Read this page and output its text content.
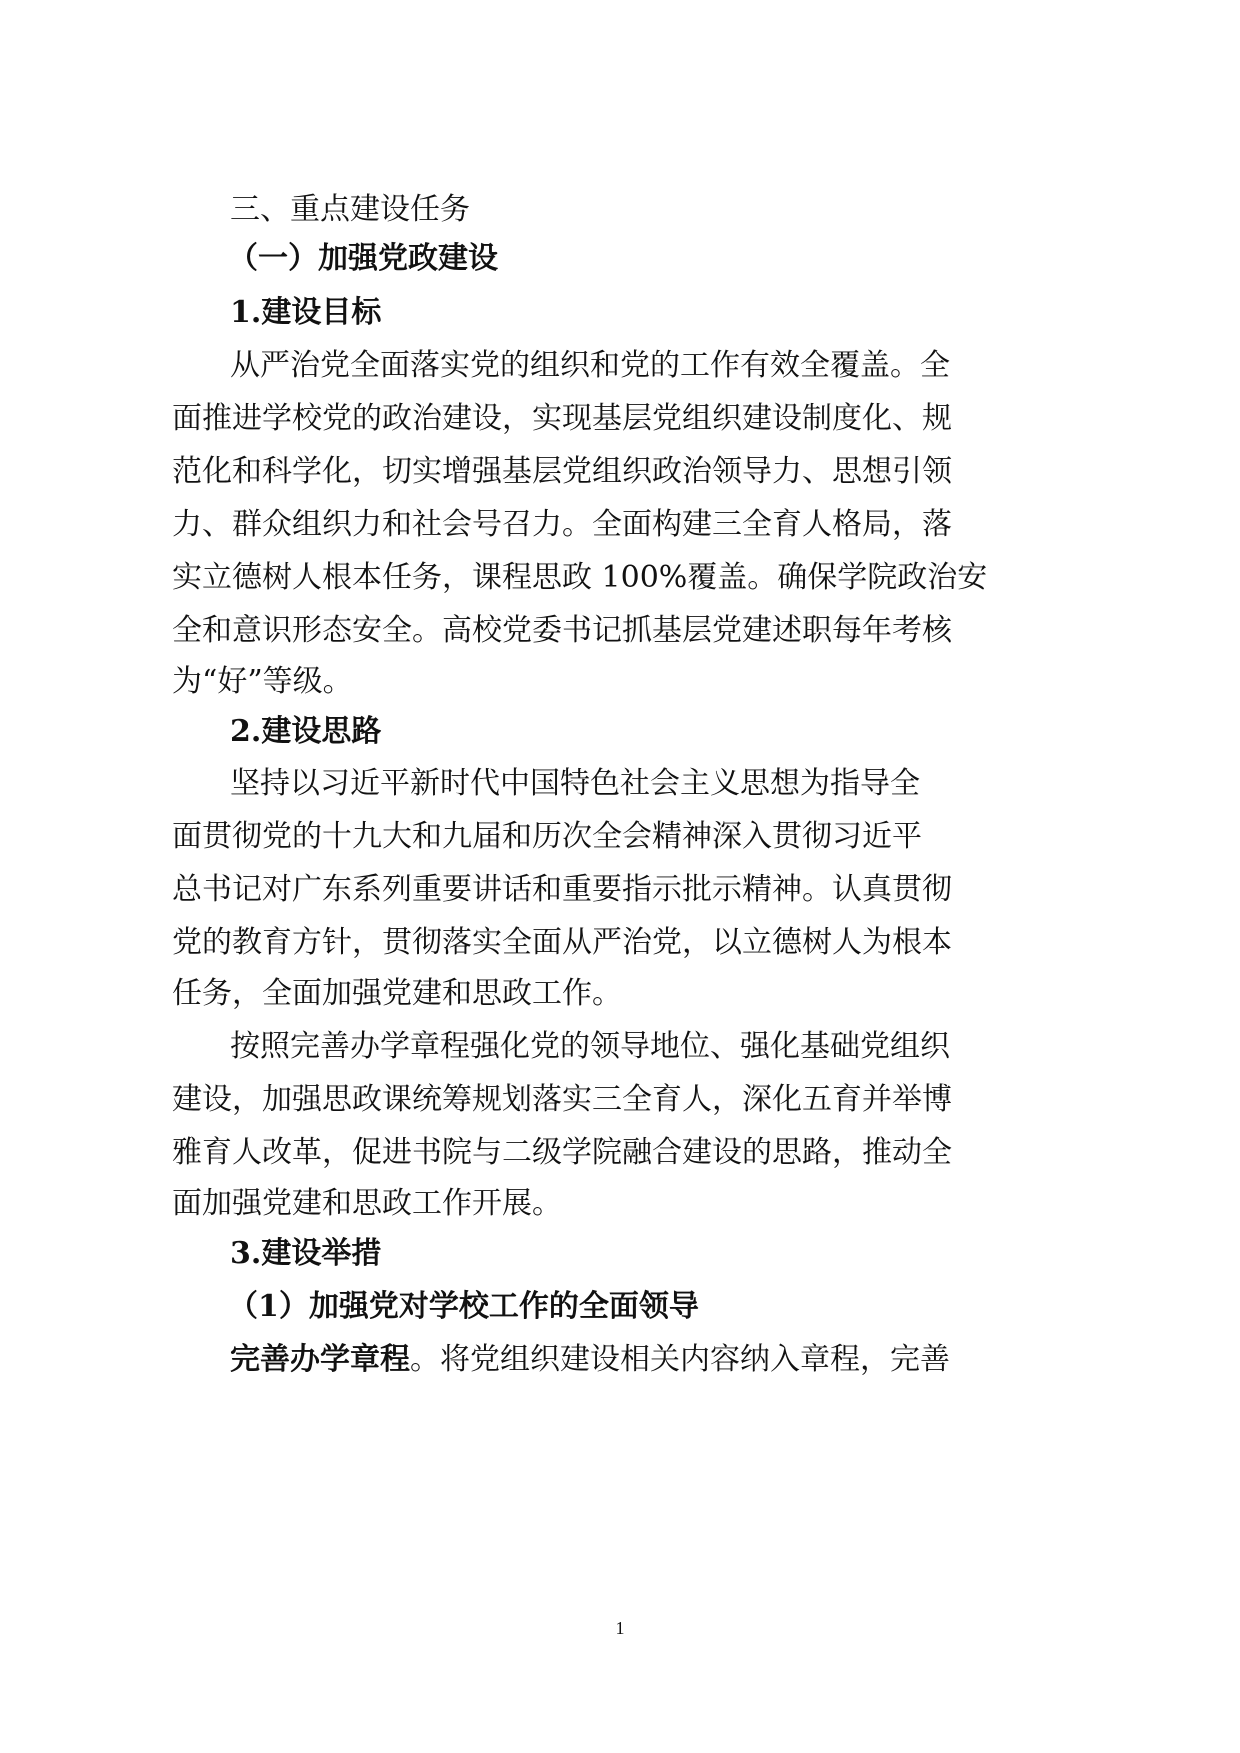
三、重点建设任务
（一）加强党政建设
1.建设目标
从严治党全面落实党的组织和党的工作有效全覆盖。全
面推进学校党的政治建设，实现基层党组织建设制度化、规
范化和科学化，切实增强基层党组织政治领导力、思想引领
力、群众组织力和社会号召力。全面构建三全育人格局，落
实立德树人根本任务，课程思政 100%覆盖。确保学院政治安
全和意识形态安全。高校党委书记抓基层党建述职每年考核
为“好”等级。
2.建设思路
坚持以习近平新时代中国特色社会主义思想为指导全
面贯彻党的十九大和九届和历次全会精神深入贯彻习近平
总书记对广东系列重要讲话和重要指示批示精神。认真贯彻
党的教育方针，贯彻落实全面从严治党，以立德树人为根本
任务，全面加强党建和思政工作。
按照完善办学章程强化党的领导地位、强化基础党组织
建设，加强思政课统筹规划落实三全育人，深化五育并举博
雅育人改革，促进书院与二级学院融合建设的思路，推动全
面加强党建和思政工作开展。
3.建设举措
（1）加强党对学校工作的全面领导
完善办学章程。将党组织建设相关内容纳入章程，完善
1
